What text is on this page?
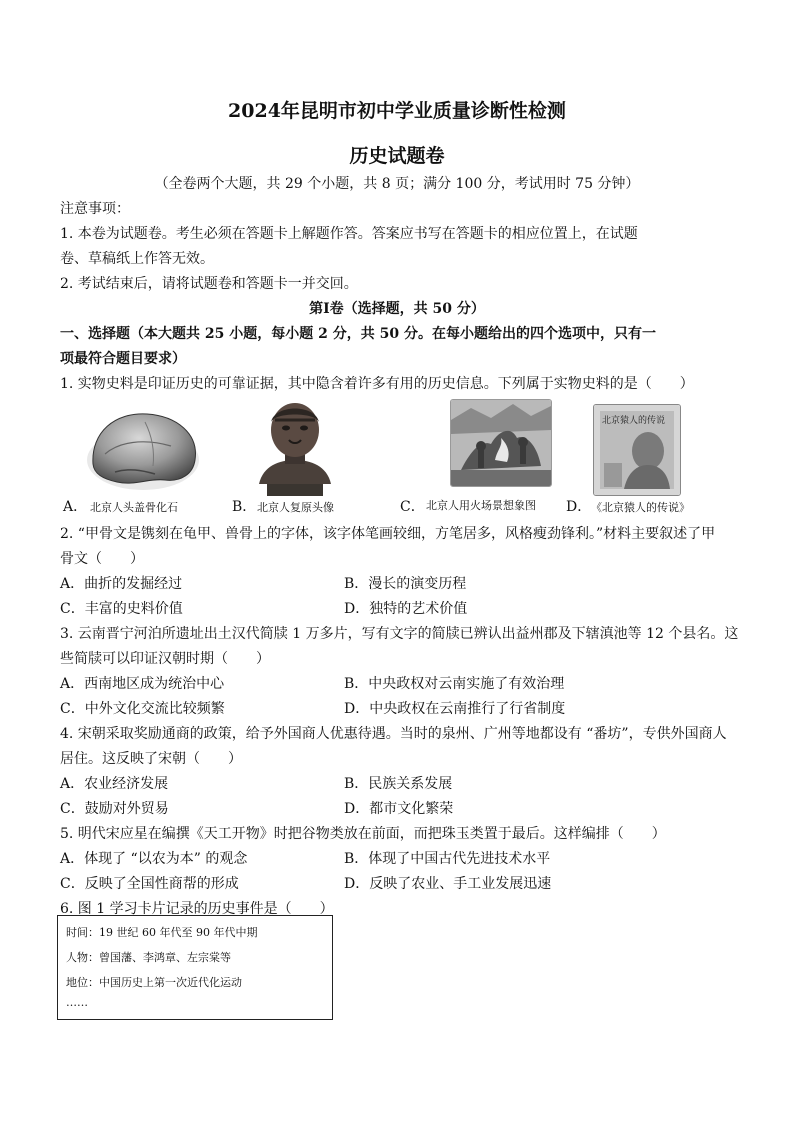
2024年昆明市初中学业质量诊断性检测
历史试题卷
（全卷两个大题，共 29 个小题，共 8 页；满分 100 分，考试用时 75 分钟）
注意事项：
1. 本卷为试题卷。考生必须在答题卡上解题作答。答案应书写在答题卡的相应位置上，在试题
卷、草稿纸上作答无效。
2. 考试结束后，请将试题卷和答题卡一并交回。
第Ⅰ卷（选择题，共 50 分）
一、选择题（本大题共 25 小题，每小题 2 分，共 50 分。在每小题给出的四个选项中，只有一
项最符合题目要求）
1. 实物史料是印证历史的可靠证据，其中隐含着许多有用的历史信息。下列属于实物史料的是（　　）
北京猿人的传说
A． 北京人头盖骨化石	B． 北京人复原头像	C． 北京人用火场景想象图 D． 《北京猿人的传说》
2. “甲骨文是镌刻在龟甲、兽骨上的字体，该字体笔画较细，方笔居多，风格瘦劲锋利。”材料主要叙述了甲
骨文（　　）
A．曲折的发掘经过	B．漫长的演变历程
C．丰富的史料价值	D．独特的艺术价值
3. 云南晋宁河泊所遗址出土汉代简牍 1 万多片，写有文字的简牍已辨认出益州郡及下辖滇池等 12 个县名。这
些简牍可以印证汉朝时期（　　）
A．西南地区成为统治中心	B．中央政权对云南实施了有效治理
C．中外文化交流比较频繁	D．中央政权在云南推行了行省制度
4. 宋朝采取奖励通商的政策，给予外国商人优惠待遇。当时的泉州、广州等地都设有 “番坊”，专供外国商人
居住。这反映了宋朝（　　）
A．农业经济发展	B．民族关系发展
C．鼓励对外贸易	D．都市文化繁荣
5. 明代宋应星在编撰《天工开物》时把谷物类放在前面，而把珠玉类置于最后。这样编排（　　）
A．体现了 “以农为本” 的观念	B．体现了中国古代先进技术水平
C．反映了全国性商帮的形成	D．反映了农业、手工业发展迅速
6. 图 1 学习卡片记录的历史事件是（　　）
时间：19 世纪 60 年代至 90 年代中期
人物：曾国藩、李鸿章、左宗棠等
地位：中国历史上第一次近代化运动
……
